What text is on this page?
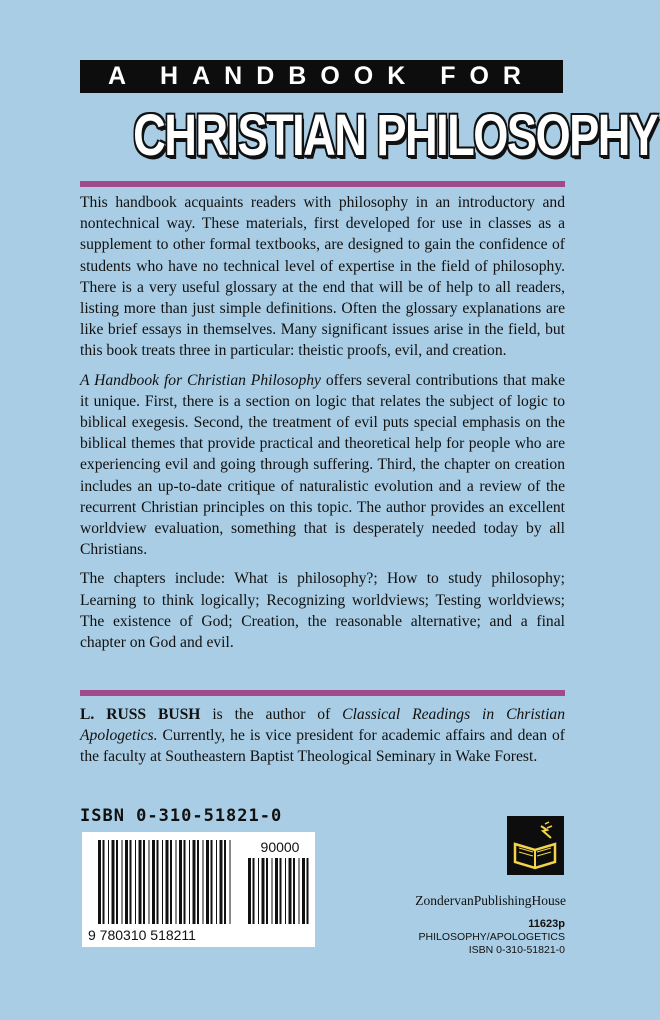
A HANDBOOK FOR
CHRISTIAN PHILOSOPHY

This handbook acquaints readers with philosophy in an introductory and nontechnical way. These materials, first developed for use in classes as a supplement to other formal textbooks, are designed to gain the confidence of students who have no technical level of expertise in the field of philosophy. There is a very useful glossary at the end that will be of help to all readers, listing more than just simple definitions. Often the glossary explanations are like brief essays in themselves. Many significant issues arise in the field, but this book treats three in particular: theistic proofs, evil, and creation.

A Handbook for Christian Philosophy offers several contributions that make it unique. First, there is a section on logic that relates the subject of logic to biblical exegesis. Second, the treatment of evil puts special emphasis on the biblical themes that provide practical and theoretical help for people who are experiencing evil and going through suffering. Third, the chapter on creation includes an up-to-date critique of naturalistic evolution and a review of the recurrent Christian principles on this topic. The author provides an excellent worldview evaluation, something that is desperately needed today by all Christians.

The chapters include: What is philosophy?; How to study philosophy; Learning to think logically; Recognizing worldviews; Testing worldviews; The existence of God; Creation, the reasonable alternative; and a final chapter on God and evil.

L. RUSS BUSH is the author of Classical Readings in Christian Apologetics. Currently, he is vice president for academic affairs and dean of the faculty at Southeastern Baptist Theological Seminary in Wake Forest.

ISBN 0-310-51821-0
90000
9 780310 518211
ZondervanPublishingHouse
11623p
PHILOSOPHY/APOLOGETICS
ISBN 0-310-51821-0
